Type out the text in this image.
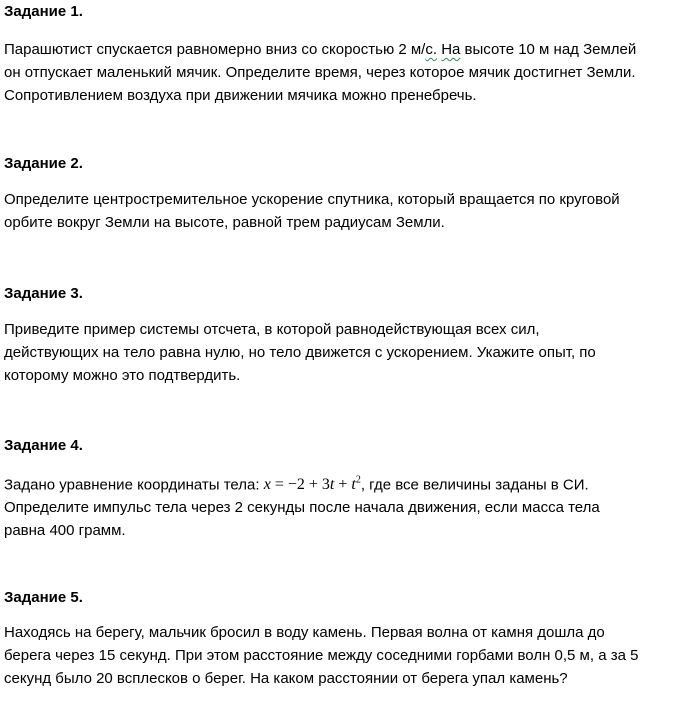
Задание 1.

Парашютист спускается равномерно вниз со скоростью 2 м/с. На высоте 10 м над Землей
он отпускает маленький мячик. Определите время, через которое мячик достигнет Земли.
Сопротивлением воздуха при движении мячика можно пренебречь.

Задание 2.

Определите центростремительное ускорение спутника, который вращается по круговой
орбите вокруг Земли на высоте, равной трем радиусам Земли.

Задание 3.

Приведите пример системы отсчета, в которой равнодействующая всех сил,
действующих на тело равна нулю, но тело движется с ускорением. Укажите опыт, по
которому можно это подтвердить.

Задание 4.

Задано уравнение координаты тела: $x = -2 + 3t + t^2$, где все величины заданы в СИ.
Определите импульс тела через 2 секунды после начала движения, если масса тела
равна 400 грамм.

Задание 5.

Находясь на берегу, мальчик бросил в воду камень. Первая волна от камня дошла до
берега через 15 секунд. При этом расстояние между соседними горбами волн 0,5 м, а за 5
секунд было 20 всплесков о берег. На каком расстоянии от берега упал камень?
